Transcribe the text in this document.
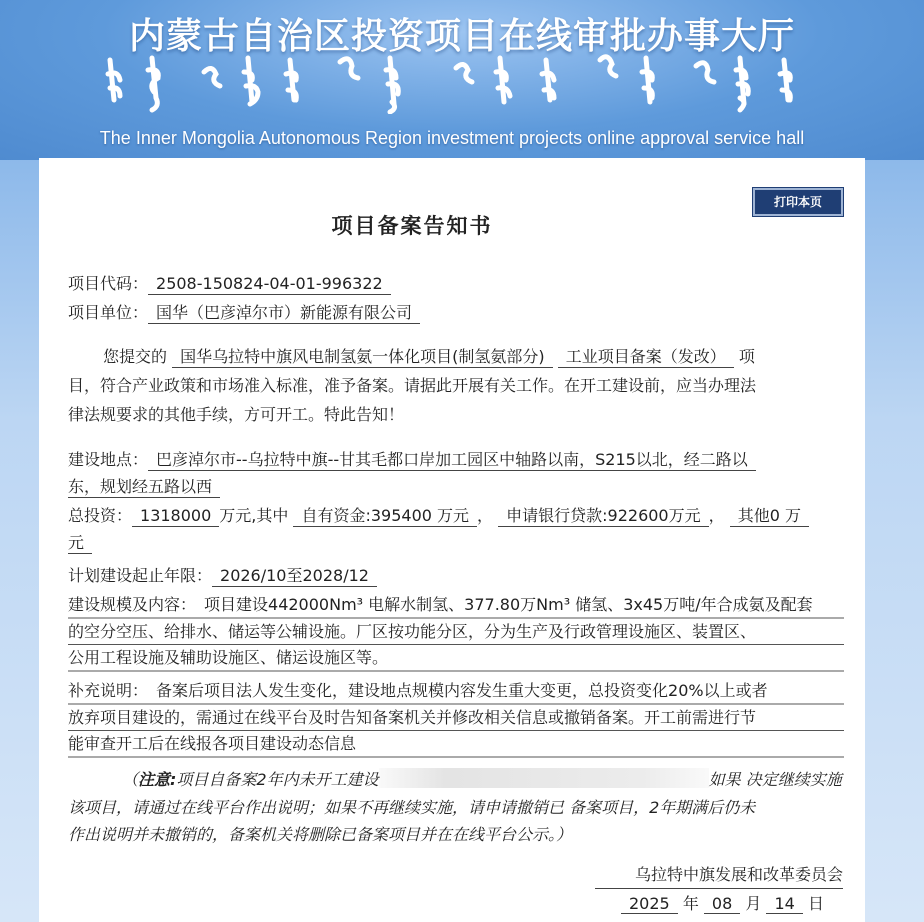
内蒙古自治区投资项目在线审批办事大厅
The Inner Mongolia Autonomous Region investment projects online approval service hall
打印本页
项目备案告知书
项目代码： 2508-150824-04-01-996322
项目单位： 国华（巴彦淖尔市）新能源有限公司
您提交的 国华乌拉特中旗风电制氢氨一体化项目(制氢氨部分) 工业项目备案（发改） 项
目，符合产业政策和市场准入标准，准予备案。请据此开展有关工作。在开工建设前，应当办理法
律法规要求的其他手续，方可开工。特此告知！
建设地点： 巴彦淖尔市--乌拉特中旗--甘其毛都口岸加工园区中轴路以南，S215以北，经二路以
东，规划经五路以西
总投资： 1318000 万元,其中 自有资金:395400 万元 ， 申请银行贷款:922600万元 ， 其他0 万
元
计划建设起止年限： 2026/10至2028/12
建设规模及内容： 项目建设442000Nm³ 电解水制氢、377.80万Nm³ 储氢、3x45万吨/年合成氨及配套
的空分空压、给排水、储运等公辅设施。厂区按功能分区，分为生产及行政管理设施区、装置区、
公用工程设施及辅助设施区、储运设施区等。
补充说明： 备案后项目法人发生变化，建设地点规模内容发生重大变更，总投资变化20%以上或者
放弃项目建设的，需通过在线平台及时告知备案机关并修改相关信息或撤销备案。开工前需进行节
能审查开工后在线报各项目建设动态信息
（注意:项目自备案2年内未开工建设	如果 决定继续实施
该项目，请通过在线平台作出说明；如果不再继续实施，请申请撤销已 备案项目，2年期满后仍未
作出说明并未撤销的，备案机关将删除已备案项目并在在线平台公示。）
乌拉特中旗发展和改革委员会
2025 年 08 月 14 日
